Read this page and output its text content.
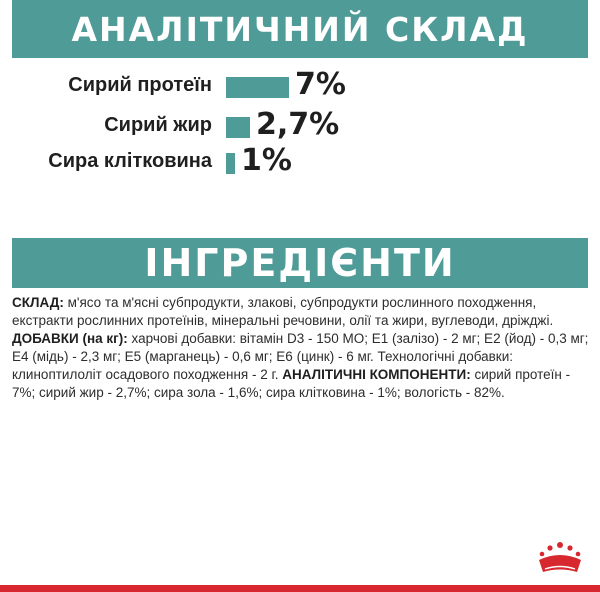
АНАЛІТИЧНИЙ СКЛАД
Сирий протеїн	7%
Сирий жир 2,7%
Сира клітковина 1%
ІНГРЕДІЄНТИ
СКЛАД: м'ясо та м'ясні субпродукти, злакові, субпродукти рослинного походження, екстракти рослинних протеїнів, мінеральні речовини, олії та жири, вуглеводи, дріжджі. ДОБАВКИ (на кг): харчові добавки: вітамін D3 - 150 МО; E1 (залізо) - 2 мг; E2 (йод) - 0,3 мг; E4 (мідь) - 2,3 мг; E5 (марганець) - 0,6 мг; E6 (цинк) - 6 мг. Технологічні добавки: клинoптилоліт осадового походження - 2 г. АНАЛІТИЧНІ КОМПОНЕНТИ: сирий протеїн - 7%; сирий жир - 2,7%; сира зола - 1,6%; сира клітковина - 1%; вологість - 82%.
